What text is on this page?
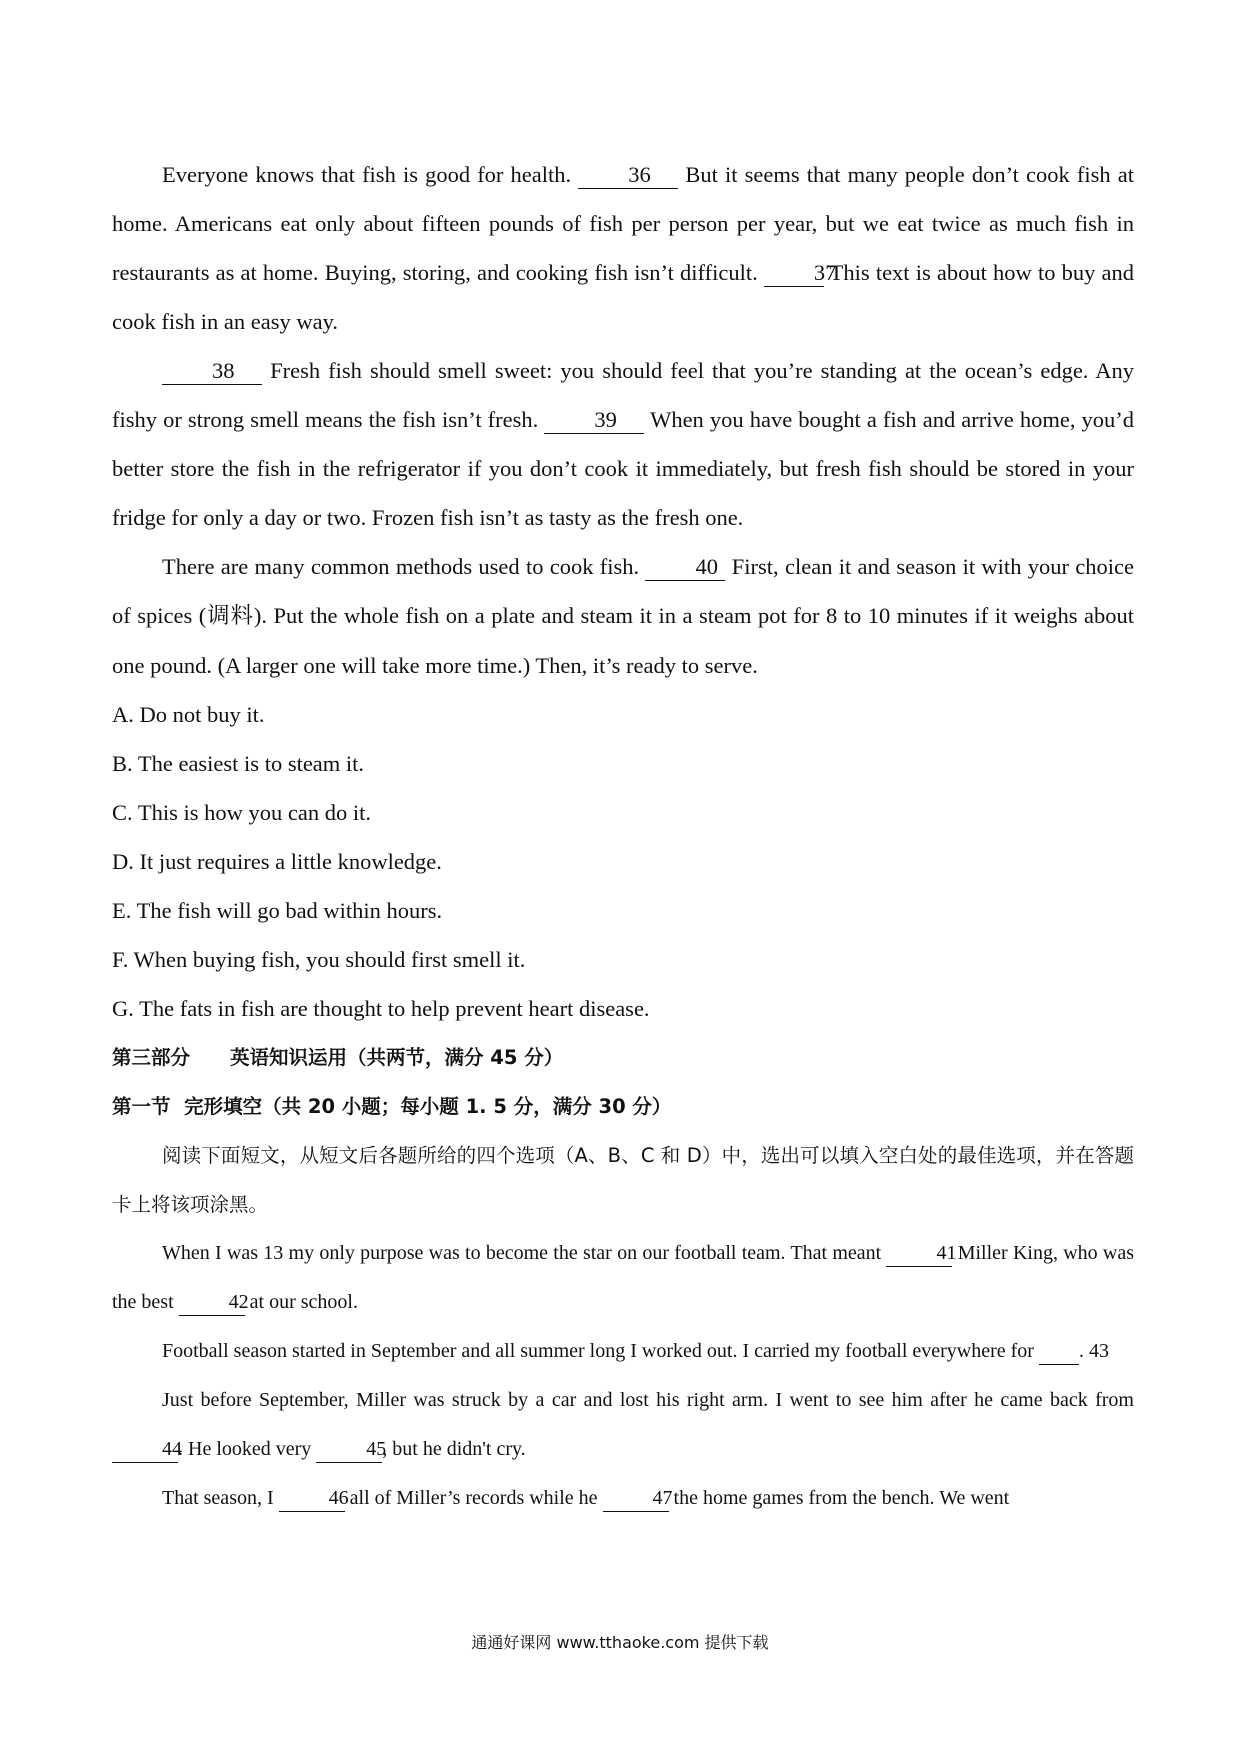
Everyone knows that fish is good for health.	36 But it seems that many people don’t cook fish at home. Americans eat only about fifteen pounds of fish per person per year, but we eat twice as much fish in restaurants as at home. Buying, storing, and cooking fish isn’t difficult. 37 This text is about how to buy and cook fish in an easy way.
38 Fresh fish should smell sweet: you should feel that you’re standing at the ocean’s edge. Any fishy or strong smell means the fish isn’t fresh. 39 When you have bought a fish and arrive home, you’d better store the fish in the refrigerator if you don’t cook it immediately, but fresh fish should be stored in your fridge for only a day or two. Frozen fish isn’t as tasty as the fresh one.
There are many common methods used to cook fish.	40 First, clean it and season it with your choice of spices (调料). Put the whole fish on a plate and steam it in a steam pot for 8 to 10 minutes if it weighs about one pound. (A larger one will take more time.) Then, it’s ready to serve.
A. Do not buy it.
B. The easiest is to steam it.
C. This is how you can do it.
D. It just requires a little knowledge.
E. The fish will go bad within hours.
F. When buying fish, you should first smell it.
G. The fats in fish are thought to help prevent heart disease.
第三部分 英语知识运用（共两节，满分 45 分）
第一节 完形填空（共 20 小题；每小题 1. 5 分，满分 30 分）
阅读下面短文，从短文后各题所给的四个选项（A、B、C 和 D）中，选出可以填入空白处的最佳选项，并在答题卡上将该项涂黑。
When I was 13 my only purpose was to become the star on our football team. That meant	41 Miller King, who was the best	42 at our school.
Football season started in September and all summer long I worked out. I carried my football everywhere for	43.
Just before September, Miller was struck by a car and lost his right arm. I went to see him after he came back from 44. He looked very	45, but he didn't cry.
That season, I	46 all of Miller’s records while he	47 the home games from the bench. We went
通通好课网 www.tthaoke.com 提供下载
